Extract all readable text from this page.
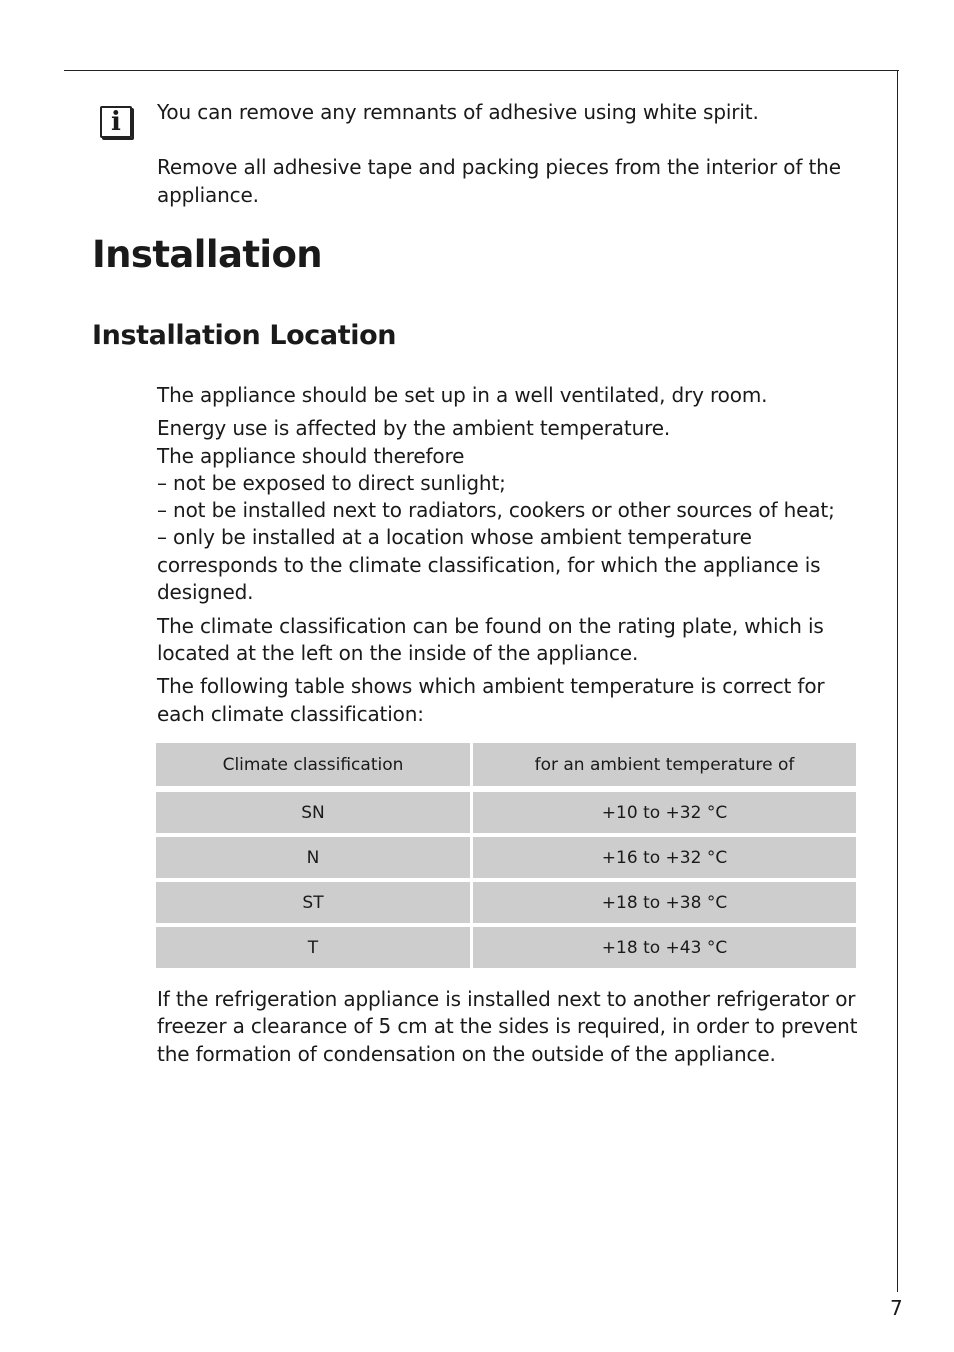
i	You can remove any remnants of adhesive using white spirit.
Remove all adhesive tape and packing pieces from the interior of the
appliance.
Installation
Installation Location
The appliance should be set up in a well ventilated, dry room.
Energy use is affected by the ambient temperature.
The appliance should therefore
– not be exposed to direct sunlight;
– not be installed next to radiators, cookers or other sources of heat;
– only be installed at a location whose ambient temperature
corresponds to the climate classification, for which the appliance is
designed.
The climate classification can be found on the rating plate, which is
located at the left on the inside of the appliance.
The following table shows which ambient temperature is correct for
each climate classification:
Climate classification	for an ambient temperature of

SN	+10 to +32 °C

N	+16 to +32 °C

ST	+18 to +38 °C

T	+18 to +43 °C
If the refrigeration appliance is installed next to another refrigerator or
freezer a clearance of 5 cm at the sides is required, in order to prevent
the formation of condensation on the outside of the appliance.
7
